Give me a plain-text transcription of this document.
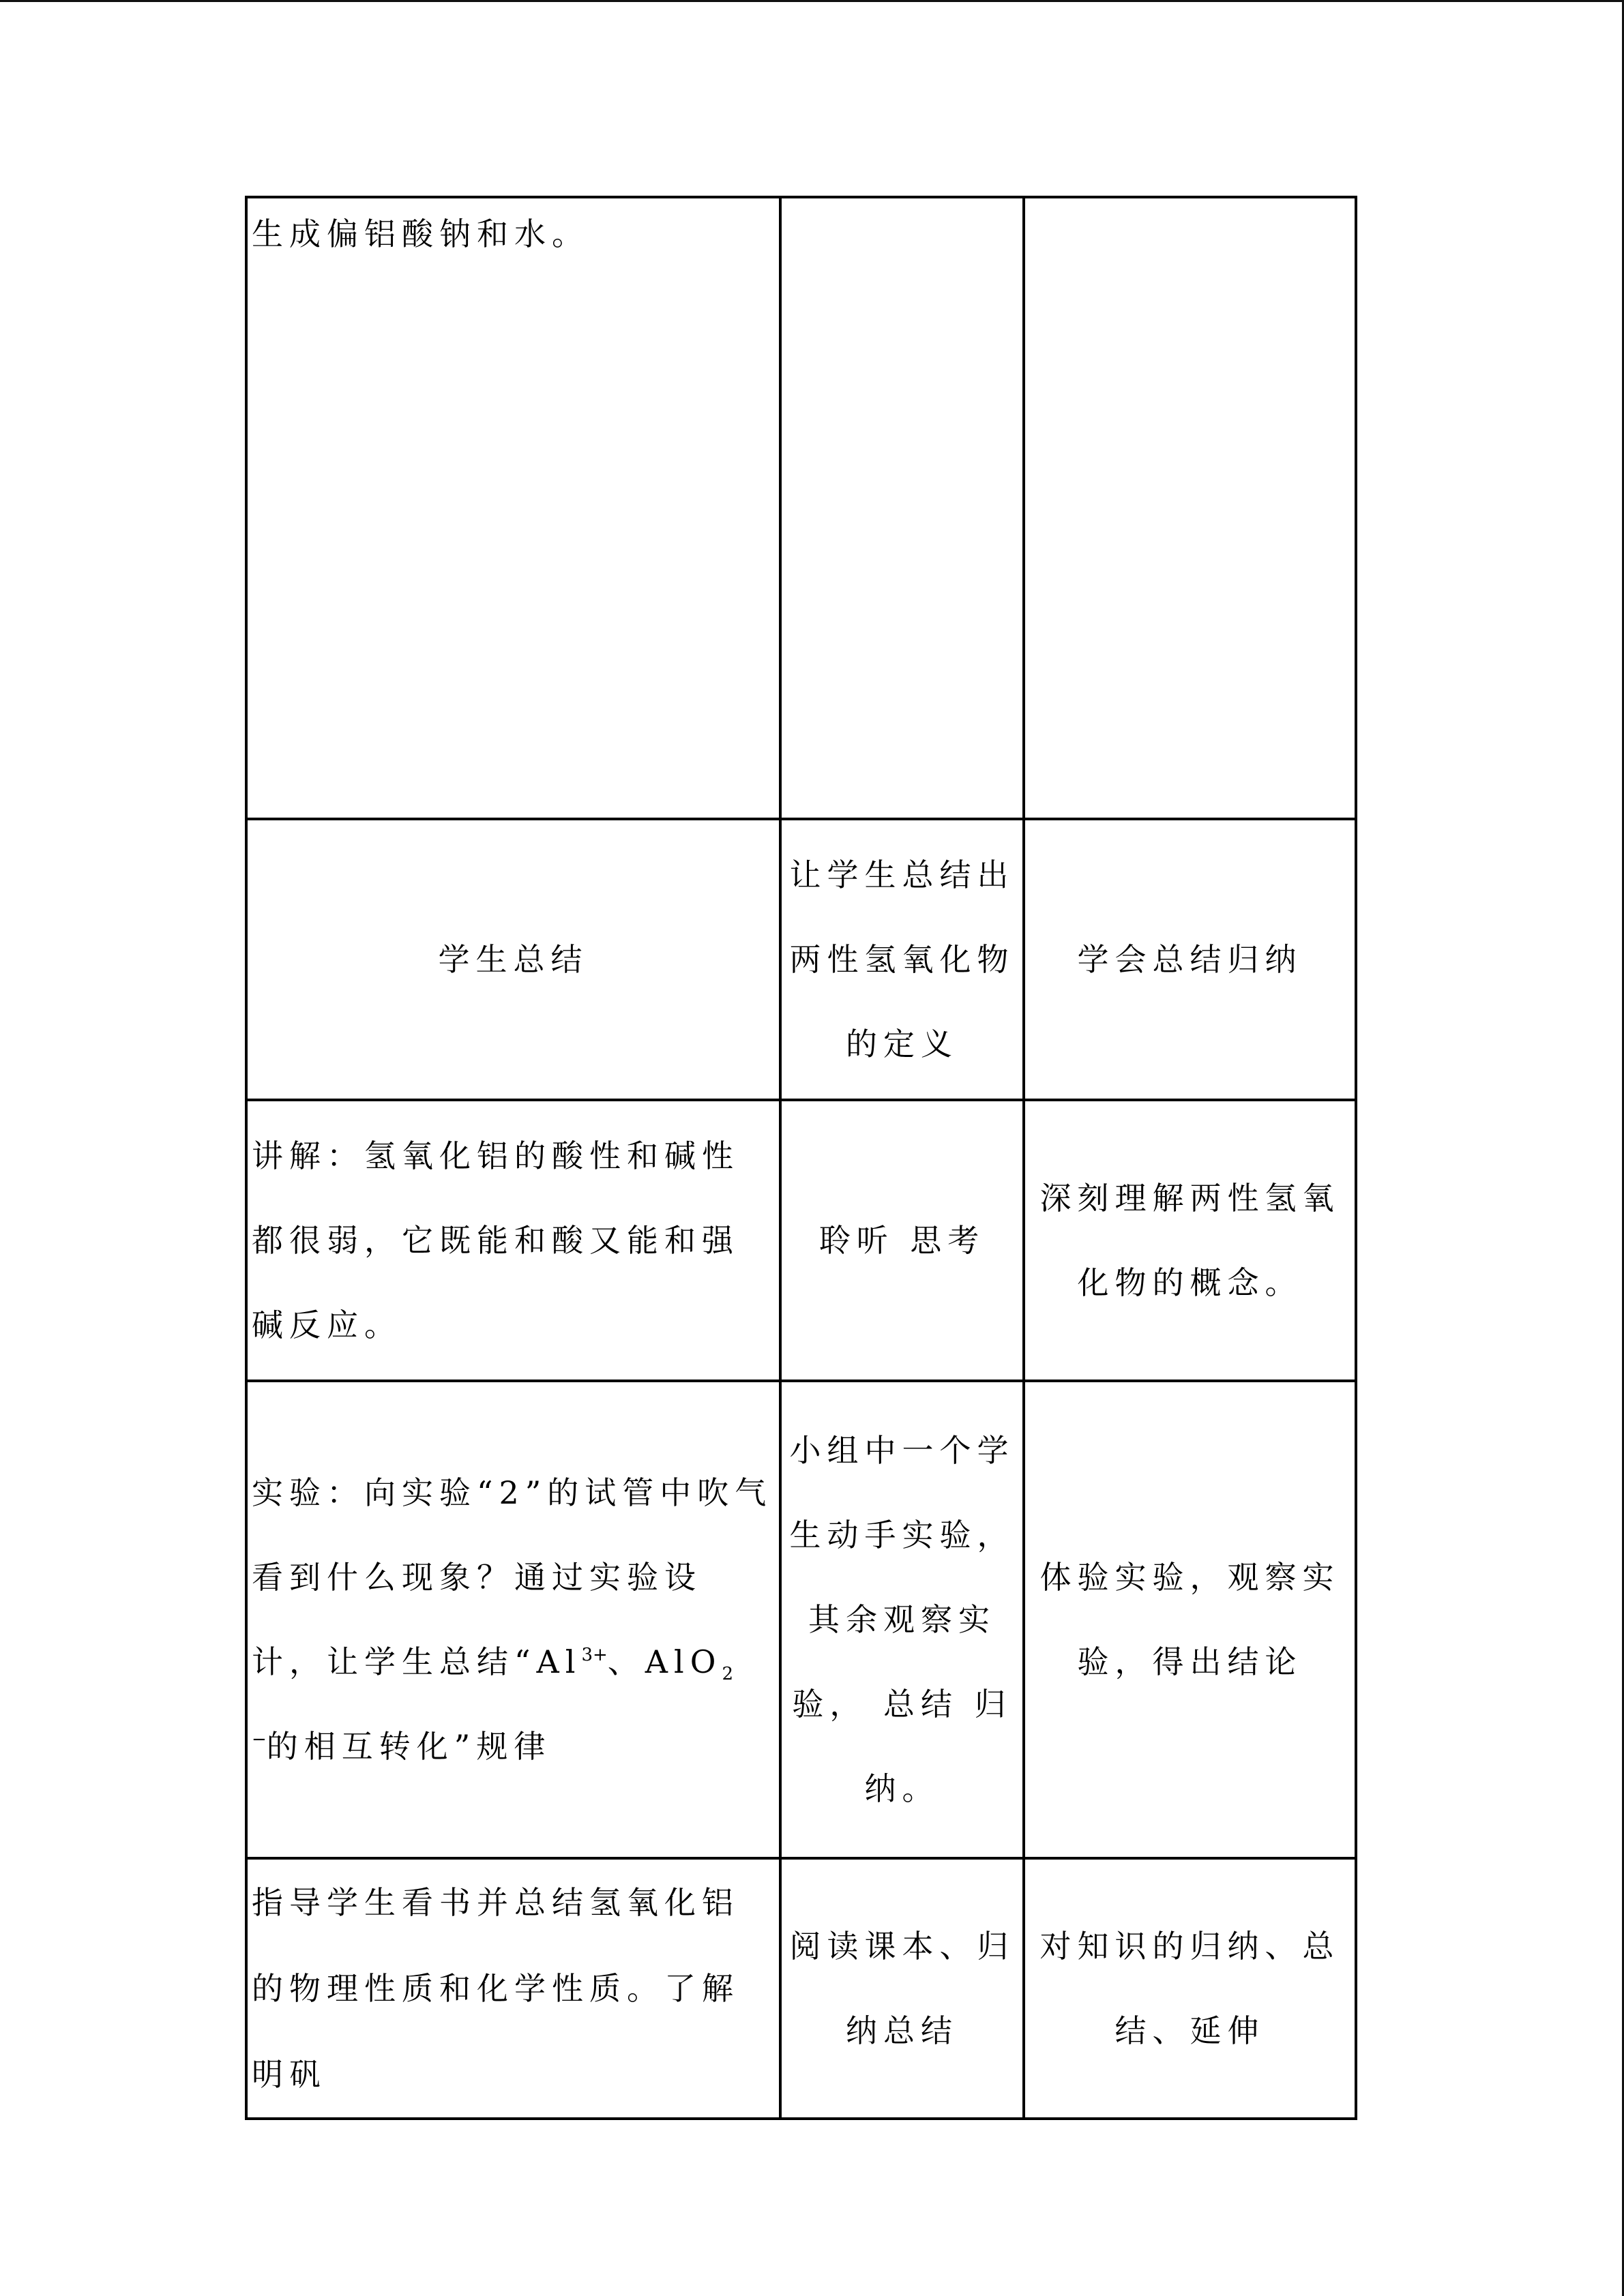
生成偏铝酸钠和水。		

学生总结	让学生总结出两性氢氧化物的定义	学会总结归纳
讲解：氢氧化铝的酸性和碱性都很弱，它既能和酸又能和强碱反应。	聆听 思考	深刻理解两性氢氧化物的概念。
实验：向实验“2”的试管中吹气看到什么现象？通过实验设计，让学生总结“$Al^{3+}$、AlO$_2$−的相互转化”规律	小组中一个学生动手实验，其余观察实验， 总结 归纳。	体验实验，观察实验，得出结论
指导学生看书并总结氢氧化铝的物理性质和化学性质。了解明矾	阅读课本、归纳总结	对知识的归纳、总结、延伸
